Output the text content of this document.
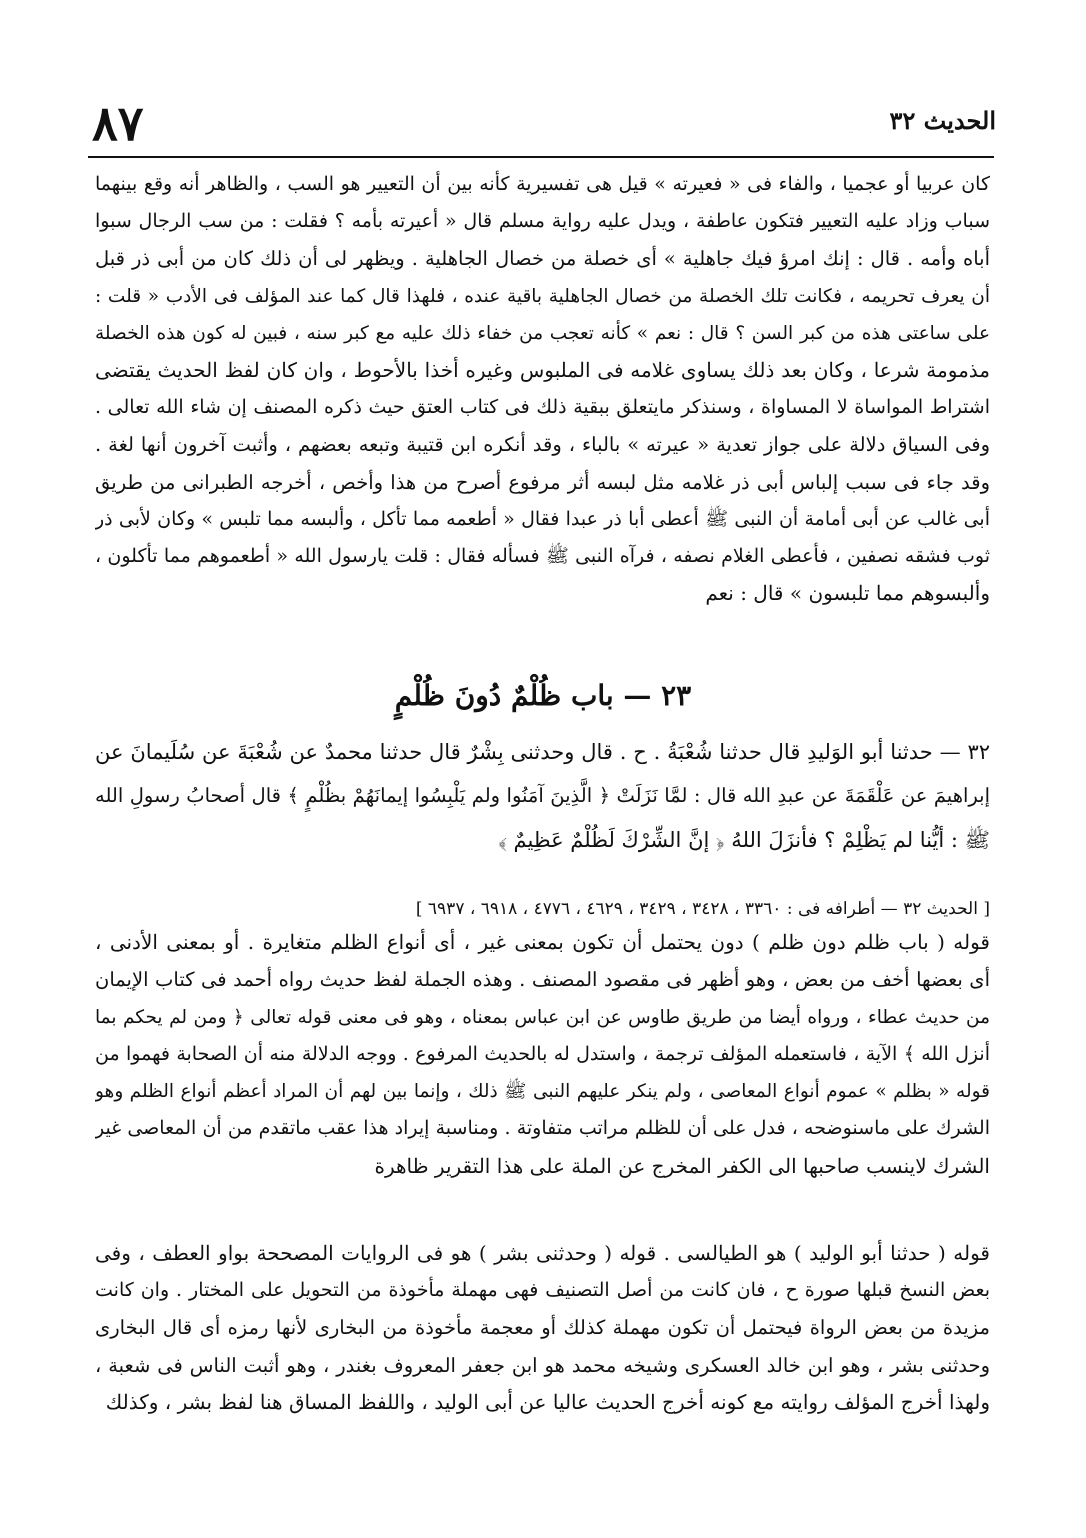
الحديث ٣٢
٨٧
كان عربيا أو عجميا ، والفاء فى « فعيرته » قيل هى تفسيرية كأنه بين أن التعيير هو السب ، والظاهر أنه وقع بينهما
سباب وزاد عليه التعيير فتكون عاطفة ، ويدل عليه رواية مسلم قال « أعيرته بأمه ؟ فقلت : من سب الرجال سبوا
أباه وأمه . قال : إنك امرؤ فيك جاهلية » أى خصلة من خصال الجاهلية . ويظهر لى أن ذلك كان من أبى ذر قبل
أن يعرف تحريمه ، فكانت تلك الخصلة من خصال الجاهلية باقية عنده ، فلهذا قال كما عند المؤلف فى الأدب « قلت :
على ساعتى هذه من كبر السن ؟ قال : نعم » كأنه تعجب من خفاء ذلك عليه مع كبر سنه ، فبين له كون هذه الخصلة
مذمومة شرعا ، وكان بعد ذلك يساوى غلامه فى الملبوس وغيره أخذا بالأحوط ، وان كان لفظ الحديث يقتضى
اشتراط المواساة لا المساواة ، وسنذكر مايتعلق ببقية ذلك فى كتاب العتق حيث ذكره المصنف إن شاء الله تعالى .
وفى السياق دلالة على جواز تعدية « عيرته » بالباء ، وقد أنكره ابن قتيبة وتبعه بعضهم ، وأثبت آخرون أنها لغة .
وقد جاء فى سبب إلباس أبى ذر غلامه مثل لبسه أثر مرفوع أصرح من هذا وأخص ، أخرجه الطبرانى من طريق
أبى غالب عن أبى أمامة أن النبى ﷺ أعطى أبا ذر عبدا فقال « أطعمه مما تأكل ، وألبسه مما تلبس » وكان لأبى ذر
ثوب فشقه نصفين ، فأعطى الغلام نصفه ، فرآه النبى ﷺ فسأله فقال : قلت يارسول الله « أطعموهم مما تأكلون ،
وألبسوهم مما تلبسون » قال : نعم
٢٣ — باب ظُلْمٌ دُونَ ظُلْمٍ
٣٢ — حدثنا أبو الوَليدِ قال حدثنا شُعْبَةُ . ح . قال وحدثنى بِشْرٌ قال حدثنا محمدٌ عن شُعْبَةَ عن سُلَيمانَ عن
إبراهيمَ عن عَلْقَمَةَ عن عبدِ الله قال : لمَّا نَزَلَتْ ﴿ الَّذِينَ آمَنُوا ولم يَلْبِسُوا إيمانَهُمْ بظُلْمٍ ﴾ قال أصحابُ رسولِ الله
ﷺ : أيُّنا لم يَظْلِمْ ؟ فأنزَلَ اللهُ ﴿ إنَّ الشِّرْكَ لَظُلْمٌ عَظِيمٌ ﴾
[ الحديث ٣٢ — أطرافه فى : ٣٣٦٠ ، ٣٤٢٨ ، ٣٤٢٩ ، ٤٦٢٩ ، ٤٧٧٦ ، ٦٩١٨ ، ٦٩٣٧ ]
قوله ( باب ظلم دون ظلم ) دون يحتمل أن تكون بمعنى غير ، أى أنواع الظلم متغايرة . أو بمعنى الأدنى ،
أى بعضها أخف من بعض ، وهو أظهر فى مقصود المصنف . وهذه الجملة لفظ حديث رواه أحمد فى كتاب الإيمان
من حديث عطاء ، ورواه أيضا من طريق طاوس عن ابن عباس بمعناه ، وهو فى معنى قوله تعالى ﴿ ومن لم يحكم بما
أنزل الله ﴾ الآية ، فاستعمله المؤلف ترجمة ، واستدل له بالحديث المرفوع . ووجه الدلالة منه أن الصحابة فهموا من
قوله « بظلم » عموم أنواع المعاصى ، ولم ينكر عليهم النبى ﷺ ذلك ، وإنما بين لهم أن المراد أعظم أنواع الظلم وهو
الشرك على ماسنوضحه ، فدل على أن للظلم مراتب متفاوتة . ومناسبة إيراد هذا عقب ماتقدم من أن المعاصى غير
الشرك لاينسب صاحبها الى الكفر المخرج عن الملة على هذا التقرير ظاهرة
قوله ( حدثنا أبو الوليد ) هو الطيالسى . قوله ( وحدثنى بشر ) هو فى الروايات المصححة بواو العطف ، وفى
بعض النسخ قبلها صورة ح ، فان كانت من أصل التصنيف فهى مهملة مأخوذة من التحويل على المختار . وان كانت
مزيدة من بعض الرواة فيحتمل أن تكون مهملة كذلك أو معجمة مأخوذة من البخارى لأنها رمزه أى قال البخارى
وحدثنى بشر ، وهو ابن خالد العسكرى وشيخه محمد هو ابن جعفر المعروف بغندر ، وهو أثبت الناس فى شعبة ،
ولهذا أخرج المؤلف روايته مع كونه أخرج الحديث عاليا عن أبى الوليد ، واللفظ المساق هنا لفظ بشر ، وكذلك
